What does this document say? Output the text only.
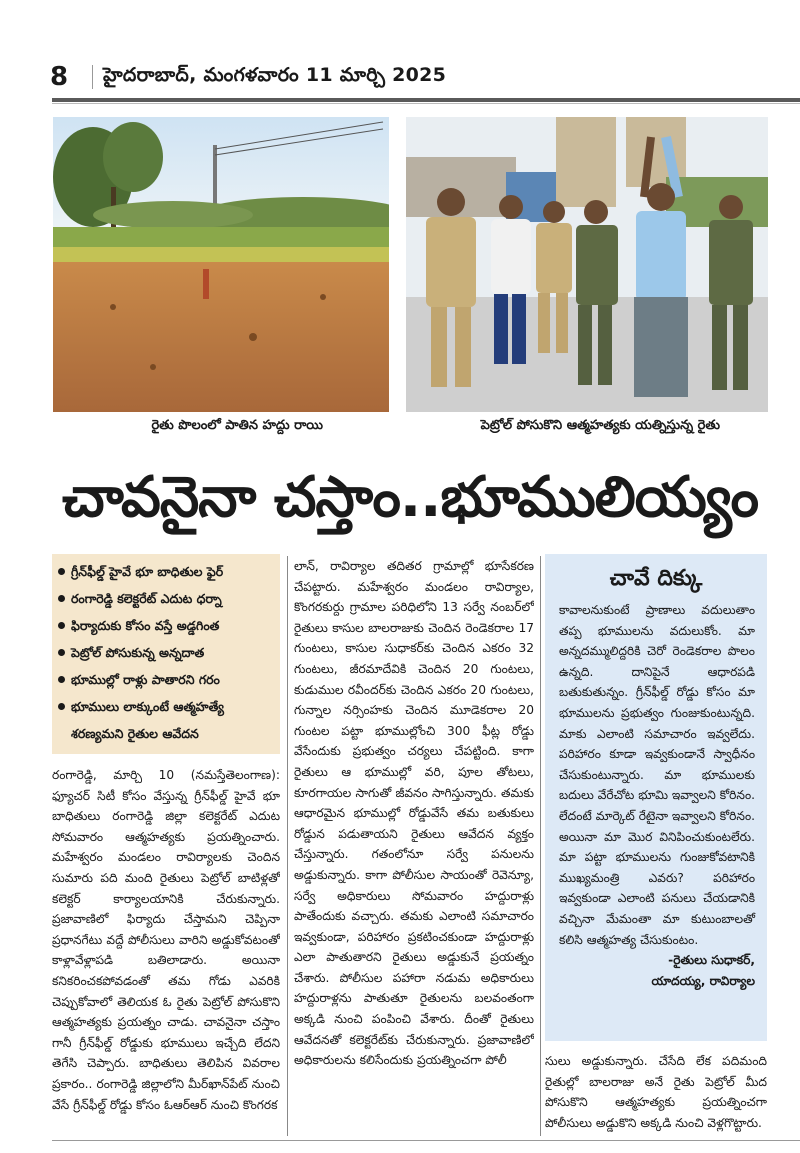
8	హైదరాబాద్, మంగళవారం 11 మార్చి 2025
రైతు పొలంలో పాతిన హద్దు రాయి	పెట్రోల్ పోసుకొని ఆత్మహత్యకు యత్నిస్తున్న రైతు
చావనైనా చస్తాం..భూములియ్యం
గ్రీన్‌ఫీల్డ్ హైవే భూ బాధితుల ఫైర్
రంగారెడ్డి కలెక్టరేట్ ఎదుట ధర్నా
ఫిర్యాదుకు కోసం వస్తే అడ్డగింత
పెట్రోల్ పోసుకున్న అన్నదాత
భూముల్లో రాళ్లు పాతారని గరం
భూములు లాక్కుంటే ఆత్మహత్యే
శరణ్యమని రైతుల ఆవేదన

రంగారెడ్డి, మార్చి 10 (నమస్తేతెలంగాణ): ఫ్యూచర్ సిటీ కోసం వేస్తున్న గ్రీన్‌ఫీల్డ్ హైవే భూ బాధితులు రంగారెడ్డి జిల్లా కలెక్టరేట్ ఎదుట సోమవారం ఆత్మహత్యకు ప్రయత్నించారు. మహేశ్వరం మండలం రావిర్యాలకు చెందిన సుమారు పది మంది రైతులు పెట్రోల్ బాటిళ్లతో కలెక్టర్ కార్యాలయానికి చేరుకున్నారు. ప్రజావాణిలో ఫిర్యాదు చేస్తామని చెప్పినా ప్రధానగేటు వద్దే పోలీసులు వారిని అడ్డుకోవటంతో కాళ్లావేళ్లాపడి బతిలాడారు. అయినా కనికరించకపోవడంతో తమ గోడు ఎవరికి చెప్పుకోవాలో తెలియక ఓ రైతు పెట్రోల్ పోసుకొని ఆత్మహత్యకు ప్రయత్నం చాడు. చావనైనా చస్తాం గానీ గ్రీన్‌ఫీల్డ్ రోడ్డుకు భూములు ఇచ్చేది లేదని తెగేసి చెప్పారు. బాధితులు తెలిపిన వివరాల ప్రకారం.. రంగారెడ్డి జిల్లాలోని మీర్‌ఖాన్‌పేట్ నుంచి వేసే గ్రీన్‌ఫీల్డ్ రోడ్డు కోసం ఓఆర్‌ఆర్ నుంచి కొంగరక

లాన్, రావిర్యాల తదితర గ్రామాల్లో భూసేకరణ చేపట్టారు. మహేశ్వరం మండలం రావిర్యాల, కొంగరకుర్దు గ్రామాల పరిధిలోని 13 సర్వే నంబర్‌లో రైతులు కాసుల బాలరాజుకు చెందిన రెండెకరాల 17 గుంటలు, కాసుల సుధాకర్‌కు చెందిన ఎకరం 32 గుంటలు, జీరమాదేవికి చెందిన 20 గుంటలు, కుడుముల రవీందర్‌కు చెందిన ఎకరం 20 గుంటలు, గున్నాల నర్సింహకు చెందిన మూడెకరాల 20 గుంటల పట్టా భూముల్లోంచి 300 ఫీట్ల రోడ్డు వేసేందుకు ప్రభుత్వం చర్యలు చేపట్టింది. కాగా రైతులు ఆ భూముల్లో వరి, పూల తోటలు, కూరగాయల సాగుతో జీవనం సాగిస్తున్నారు. తమకు ఆధారమైన భూముల్లో రోడ్డువేసే తమ బతుకులు రోడ్డున పడుతాయని రైతులు ఆవేదన వ్యక్తం చేస్తున్నారు. గతంలోనూ సర్వే పనులను అడ్డుకున్నారు. కాగా పోలీసుల సాయంతో రెవెన్యూ, సర్వే అధికారులు సోమవారం హద్దురాళ్లు పాతేందుకు వచ్చారు. తమకు ఎలాంటి సమాచారం ఇవ్వకుండా, పరిహారం ప్రకటించకుండా హద్దురాళ్లు ఎలా పాతుతారని రైతులు అడ్డుకునే ప్రయత్నం చేశారు. పోలీసుల పహారా నడుమ అధికారులు హద్దురాళ్లను పాతుతూ రైతులను బలవంతంగా అక్కడి నుంచి పంపించి వేశారు. దీంతో రైతులు ఆవేదనతో కలెక్టరేట్‌కు చేరుకున్నారు. ప్రజావాణిలో అధికారులను కలిసేందుకు ప్రయత్నించగా పోలీ

చావే దిక్కు
కావాలనుకుంటే ప్రాణాలు వదులుతాం తప్ప భూములను వదులుకోం. మా అన్నదమ్ములిద్దరికి చెరో రెండెకరాల పొలం ఉన్నది. దానిపైనే ఆధారపడి బతుకుతున్నం. గ్రీన్‌ఫీల్డ్ రోడ్డు కోసం మా భూములను ప్రభుత్వం గుంజుకుంటున్నది. మాకు ఎలాంటి సమాచారం ఇవ్వలేదు. పరిహారం కూడా ఇవ్వకుండానే స్వాధీనం చేసుకుంటున్నారు. మా భూములకు బదులు వేరేచోట భూమి ఇవ్వాలని కోరినం. లేదంటే మార్కెట్ రేటైనా ఇవ్వాలని కోరినం. అయినా మా మొర వినిపించుకుంటలేరు. మా పట్టా భూములను గుంజుకోవటానికి ముఖ్యమంత్రి ఎవరు? పరిహారం ఇవ్వకుండా ఎలాంటి పనులు చేయడానికి వచ్చినా మేమంతా మా కుటుంబాలతో కలిసి ఆత్మహత్య చేసుకుంటం.
-రైతులు సుధాకర్,
యాదయ్య, రావిర్యాల

సులు అడ్డుకున్నారు. చేసేది లేక పదిమంది రైతుల్లో బాలరాజు అనే రైతు పెట్రోల్ మీద పోసుకొని ఆత్మహత్యకు ప్రయత్నించగా పోలీసులు అడ్డుకొని అక్కడి నుంచి వెళ్లగొట్టారు.
